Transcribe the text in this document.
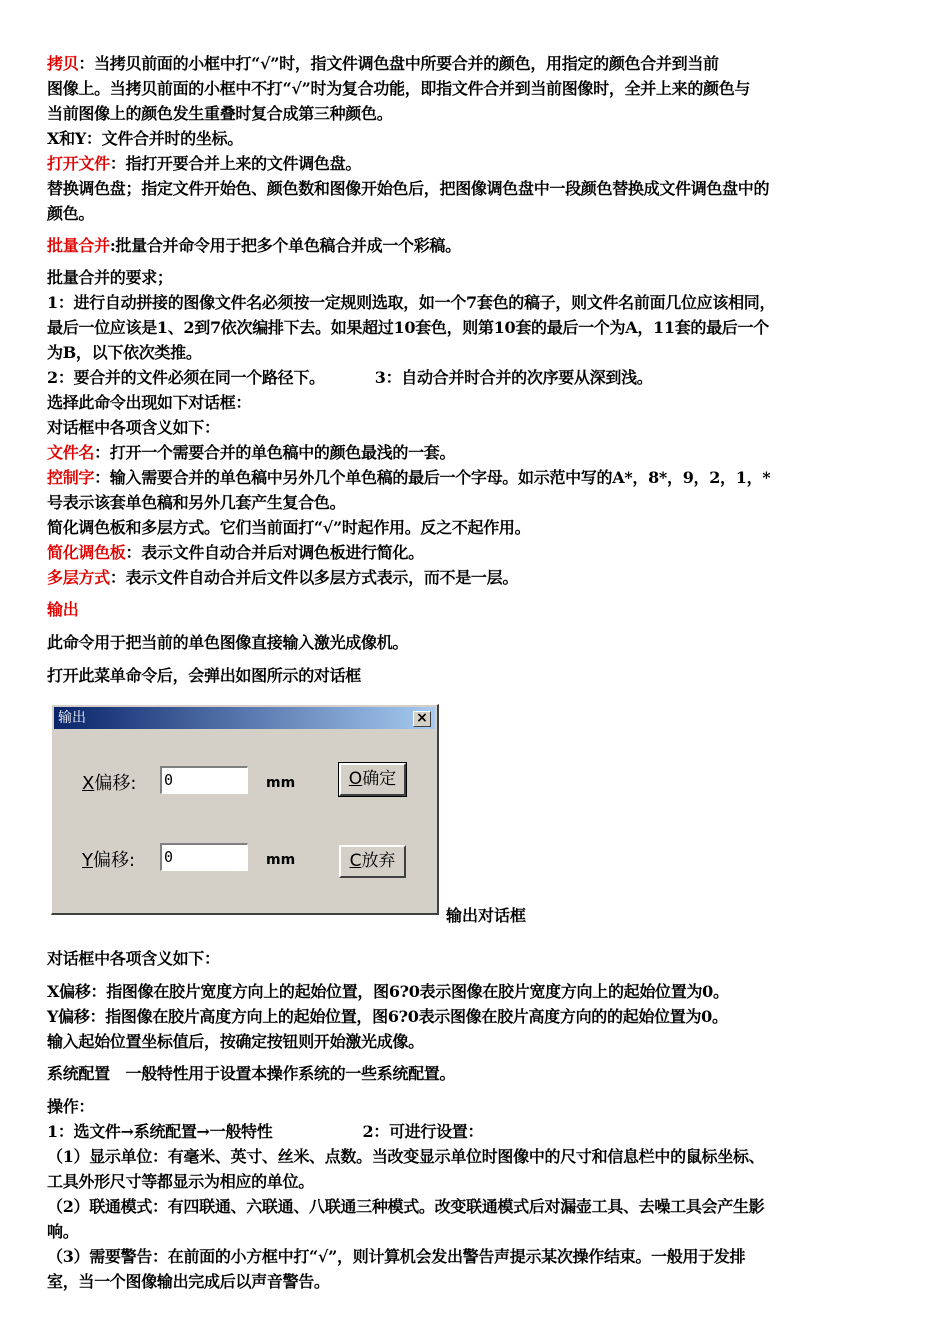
拷贝：当拷贝前面的小框中打“√”时，指文件调色盘中所要合并的颜色，用指定的颜色合并到当前
图像上。当拷贝前面的小框中不打“√”时为复合功能，即指文件合并到当前图像时，全并上来的颜色与
当前图像上的颜色发生重叠时复合成第三种颜色。
X和Y：文件合并时的坐标。
打开文件：指打开要合并上来的文件调色盘。
替换调色盘；指定文件开始色、颜色数和图像开始色后，把图像调色盘中一段颜色替换成文件调色盘中的
颜色。
批量合并:批量合并命令用于把多个单色稿合并成一个彩稿。
批量合并的要求；
1：进行自动拼接的图像文件名必须按一定规则选取，如一个7套色的稿子，则文件名前面几位应该相同，
最后一位应该是1、2到7依次编排下去。如果超过10套色，则第10套的最后一个为A，11套的最后一个
为B，以下依次类推。
2：要合并的文件必须在同一个路径下。	3：自动合并时合并的次序要从深到浅。
选择此命令出现如下对话框：
对话框中各项含义如下：
文件名：打开一个需要合并的单色稿中的颜色最浅的一套。
控制字：输入需要合并的单色稿中另外几个单色稿的最后一个字母。如示范中写的A*，8*，9，2，1，*
号表示该套单色稿和另外几套产生复合色。
简化调色板和多层方式。它们当前面打“√”时起作用。反之不起作用。
简化调色板：表示文件自动合并后对调色板进行简化。
多层方式：表示文件自动合并后文件以多层方式表示，而不是一层。
输出
此命令用于把当前的单色图像直接输入激光成像机。
打开此菜单命令后，会弹出如图所示的对话框
输出	×
X偏移: 0	mm	O确定
Y偏移: 0	mm	C放弃
输出对话框
对话框中各项含义如下：
X偏移：指图像在胶片宽度方向上的起始位置，图6?0表示图像在胶片宽度方向上的起始位置为0。
Y偏移：指图像在胶片高度方向上的起始位置，图6?0表示图像在胶片高度方向的的起始位置为0。
输入起始位置坐标值后，按确定按钮则开始激光成像。
系统配置　一般特性用于设置本操作系统的一些系统配置。
操作：
1：选文件→系统配置→一般特性	2：可进行设置：
（1）显示单位：有毫米、英寸、丝米、点数。当改变显示单位时图像中的尺寸和信息栏中的鼠标坐标、
工具外形尺寸等都显示为相应的单位。
（2）联通模式：有四联通、六联通、八联通三种模式。改变联通模式后对漏壶工具、去噪工具会产生影
响。
（3）需要警告：在前面的小方框中打“√”，则计算机会发出警告声提示某次操作结束。一般用于发排
室，当一个图像输出完成后以声音警告。
